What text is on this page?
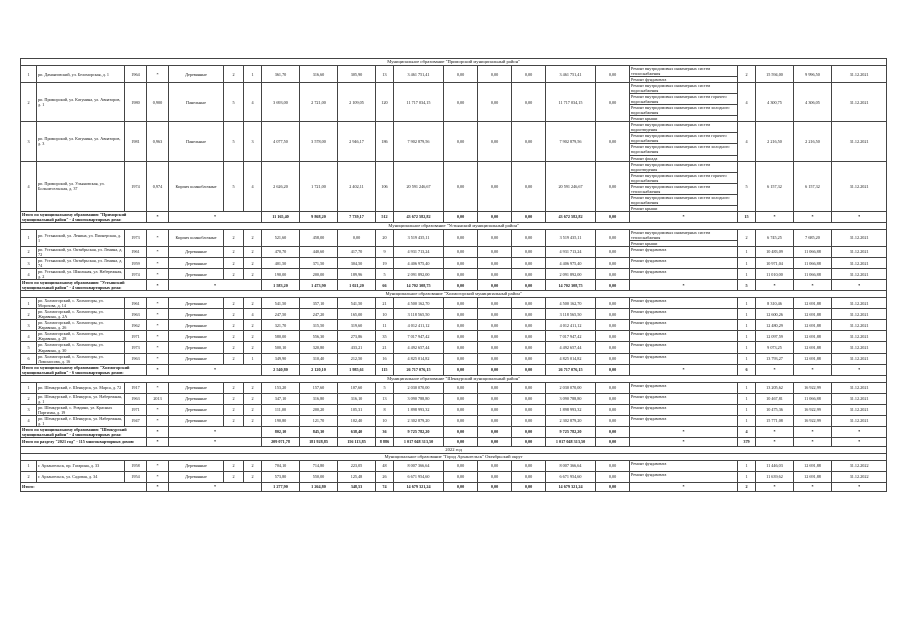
Муниципальное образование "Приморский муниципальный район"																					
1	рп. Дамаяговский, ул. Беломорская, д. 1	1964	*	Деревянные	2	1	361,70	316,60	305,90	13	3 461 751,41	0,00	0,00	0,00	3 461 751,41	0,00	Ремонт внутридомовых инженерных систем теплоснабжения
Ремонт фундамента	2	15 594,00	9 996,50	31.12.2021
2	рп. Приморский, ул. Катунина, ул. Авиаторов, д. 1	1980	0,900	Панельные	5	4	3 693,00	2 721,00	2 109,05	120	11 717 034,15	0,00	0,00	0,00	11 717 034,15	0,00	Ремонт внутридомовых инженерных систем водоснабжения
Ремонт внутридомовых инженерных систем горячего водоснабжения
Ремонт внутридомовых инженерных систем холодного водоснабжения
Ремонт крыши	4	4 300,75	4 306,05	31.12.2021
3	рп. Приморский, ул. Катунина, ул. Авиаторов, д. 3	1981	0,963	Панельные	5	3	4 077,50	3 578,00	2 946,17	186	7 902 879,56	0,00	0,00	0,00	7 902 879,56	0,00	Ремонт внутридомовых инженерных систем водоотведения
Ремонт внутридомовых инженерных систем горячего водоснабжения
Ремонт внутридомовых инженерных систем холодного водоснабжения
Ремонт фасада	4	2 216,50	2 216,50	31.12.2021
4	рп. Приморский, ул. Ульяновская, ул. Большесельская, д. 37	1974	0,974	Кирпич шлакоблочные	5	4	2 626,20	1 721,00	2 402,11	106	20 591 246,67	0,00	0,00	0,00	20 591 246,67	0,00	Ремонт внутридомовых инженерных систем водоотведения
Ремонт внутридомовых инженерных систем горячего водоснабжения
Ремонт внутридомовых инженерных систем теплоснабжения
Ремонт внутридомовых инженерных систем холодного водоснабжения
Ремонт крыши	5	6 157,32	6 157,32	31.12.2021
Итого по муниципальному образованию "Приморский муниципальный район" - 4 многоквартирных дома:			*	*			11 165,40	9 868,20	7 739,17	512	43 672 582,82	0,00	0,00	0,00	43 672 582,82	0,00	*	15	*	*	*
Муниципальное образование "Устьянский муниципальный район"																					
1	рп. Устьянский, ул. Ленина, ул. Пионерская, д. 1	1973	*	Кирпич шлакоблочные	2	2	521,60	458,00	0,00	20	3 519 435,11	0,00	0,00	0,00	3 519 435,11	0,00	Ремонт внутридомовых инженерных систем теплоснабжения
Ремонт крыши	2	6 745,25	7 685,20	31.12.2021
2	рп. Устьянский, ул. Октябрьская, ул. Ленина, д. 72	1961	*	Деревянные	2	2	470,70	440,60	417,70	9	4 931 713,24	0,00	0,00	0,00	4 931 713,24	0,00	Ремонт фундамента	1	10 483,09	11 066,88	31.12.2021
3	рп. Устьянский, ул. Октябрьская, ул. Ленина, д. 74	1959	*	Деревянные	2	2	401,50	371,50	304,50	19	4 406 975,40	0,00	0,00	0,00	4 406 975,40	0,00	Ремонт фундамента	1	10 971,04	11 066,88	31.12.2021
4	рп. Устьянский, ул. Школьная, ул. Набережная, д. 2	1974	*	Деревянные	2	2	190,00	200,00	189,96	5	2 091 892,00	0,00	0,00	0,00	2 091 892,00	0,00	Ремонт фундамента	1	11 010,00	11 066,88	31.12.2021
Итого по муниципальному образованию "Устьянский муниципальный район" - 4 многоквартирных дома:			*	*			1 583,20	1 473,90	1 021,20	66	14 702 308,75	0,00	0,00	0,00	14 702 308,75	0,00	*	5	*	*	*
Муниципальное образование "Холмогорский муниципальный район"																					
1	рп. Холмогорский, с. Холмогоры, ул. Морозова, д. 14	1961	*	Деревянные	2	2	541,50	357,10	541,50	21	4 500 162,70	0,00	0,00	0,00	4 500 162,70	0,00	Ремонт фундамента	1	8 310,46	12 691,88	31.12.2021
2	рп. Холмогорский, с. Холмогоры, ул. Жаравина, д. 2А	1963	*	Деревянные	2	4	247,50	247,20	165,00	10	3 118 565,50	0,00	0,00	0,00	3 118 565,50	0,00	Ремонт фундамента	1	12 600,26	12 691,88	31.12.2021
3	рп. Холмогорский, с. Холмогоры, ул. Жаравина, д. 26	1962	*	Деревянные	2	2	321,70	315,50	319,60	11	4 012 411,12	0,00	0,00	0,00	4 012 411,12	0,00	Ремонт фундамента	1	12 480,29	12 691,88	31.12.2021
4	рп. Холмогорский, с. Холмогоры, ул. Жаравина, д. 28	1971	*	Деревянные	2	2	580,00	556,30	273,86	35	7 017 947,42	0,00	0,00	0,00	7 017 947,42	0,00	Ремонт фундамента	1	12 097,59	12 691,88	31.12.2021
5	рп. Холмогорский, с. Холмогоры, ул. Жаравина, д. 30	1973	*	Деревянные	2	2	500,10	320,80	433,21	21	4 492 657,44	0,00	0,00	0,00	4 492 657,44	0,00	Ремонт фундамента	1	9 073,25	12 691,88	31.12.2021
6	рп. Холмогорский, с. Холмогоры, ул. Ломоносова, д. 16	1963	*	Деревянные	2	1	349,90	310,40	212,50	16	4 825 014,82	0,00	0,00	0,00	4 825 014,82	0,00	Ремонт фундамента	1	13 793,27	12 691,88	31.12.2021
Итого по муниципальному образованию "Холмогорский муниципальный район" - 6 многоквартирных домов:			*	*			2 540,80	2 120,10	1 985,61	115	26 717 076,15	0,00	0,00	0,00	26 717 076,15	0,00	*	6	*	*	*
Муниципальное образование "Шенкурский муниципальный район"																					
1	рп. Шенкурский, г. Шенкурск, ул. Марса, д. 72	1917	*	Деревянные	2	2	153,20	157,60	107,60	5	2 030 070,00	0,00	0,00	0,00	2 030 070,00	0,00	Ремонт фундамента	1	13 205,62	16 922,99	31.12.2021
2	рп. Шенкурский, г. Шенкурск, ул. Набережная, д. 1	1963	2013	Деревянные	2	2	347,10	316,80	316,10	13	3 090 788,80	0,00	0,00	0,00	3 090 788,80	0,00	Ремонт фундамента	1	10 467,81	11 066,88	31.12.2021
3	рп. Шенкурский, с. Ровдино, ул. Красных Партизан, д. 19	1971	*	Деревянные	2	2	111,00	200,20	105,31	8	1 898 993,32	0,00	0,00	0,00	1 898 993,32	0,00	Ремонт фундамента	1	10 475,36	16 922,99	31.12.2021
4	рп. Шенкурский, г. Шенкурск, ул. Набережная, д. 1	1947	*	Деревянные	2	2	190,80	121,70	102,40	10	2 302 879,20	0,00	0,00	0,00	2 302 879,20	0,00	Ремонт фундамента	1	15 771,08	16 922,99	31.12.2021
Итого по муниципальному образованию "Шенкурский муниципальный район" - 4 многоквартирных дома:			*	*			802,10	845,30	638,40	36	9 725 782,20	0,00	0,00	0,00	9 725 782,20	0,00	*	4	*	*	*
Итого по разделу "2021 год" - 115 многоквартирных домов:			*	*			209 071,78	181 928,85	156 113,85	8 886	1 017 048 313,50	0,00	0,00	0,00	1 017 048 313,50	0,00	*	379	*	*	*
2022 год																					
Муниципальное образование "Город Архангельск" Октябрьский округ																					
1	г. Архангельск, пр. Гагарина, д. 33	1958	*	Деревянные	2	2	704,10	714,80	223,05	48	8 007 366,64	0,00	0,00	0,00	8 007 366,64	0,00	Ремонт фундамента	1	11 446,03	12 691,88	31.12.2022
2	г. Архангельск, ул. Садовая, д. 34	1954	*	Деревянные	2	2	573,80	550,00	125,48	26	6 671 954,60	0,00	0,00	0,00	6 671 954,60	0,00	Ремонт фундамента	1	11 639,62	12 691,88	31.12.2022
Итого:			*	*			1 277,90	1 264,80	348,53	74	14 679 321,24	0,00	0,00	0,00	14 679 321,24	0,00	*	2	*	*	*
